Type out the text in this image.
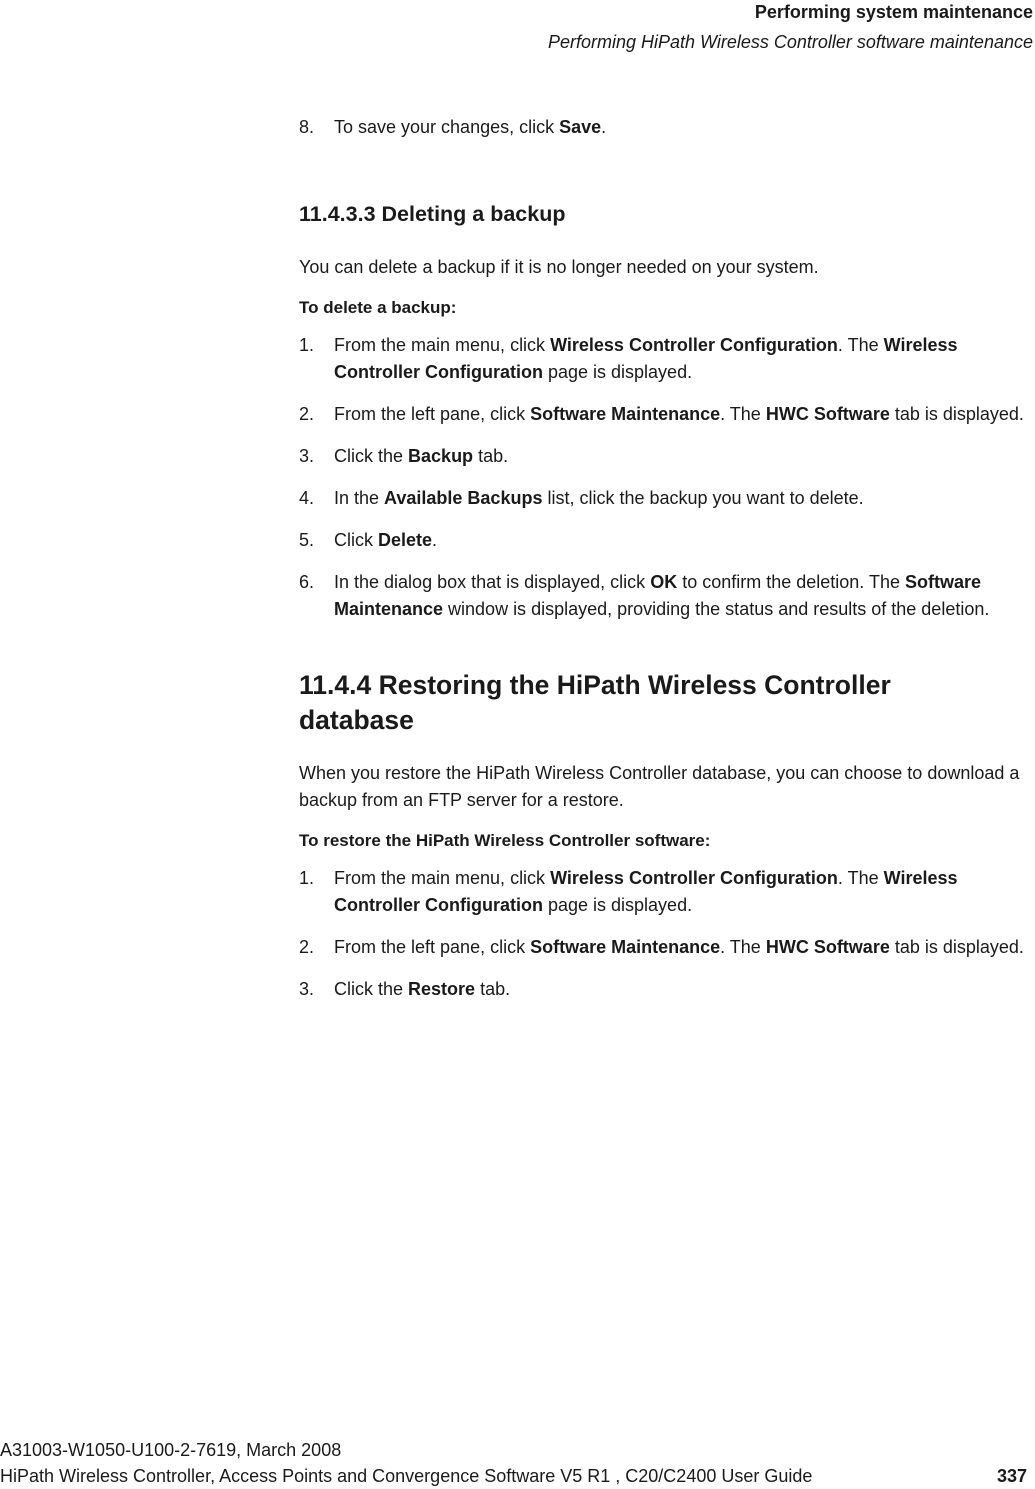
Performing system maintenance
Performing HiPath Wireless Controller software maintenance
8.	To save your changes, click Save.
11.4.3.3 Deleting a backup
You can delete a backup if it is no longer needed on your system.
To delete a backup:
1.	From the main menu, click Wireless Controller Configuration. The Wireless Controller Configuration page is displayed.
2.	From the left pane, click Software Maintenance. The HWC Software tab is displayed.
3.	Click the Backup tab.
4.	In the Available Backups list, click the backup you want to delete.
5.	Click Delete.
6.	In the dialog box that is displayed, click OK to confirm the deletion. The Software Maintenance window is displayed, providing the status and results of the deletion.
11.4.4 Restoring the HiPath Wireless Controller database
When you restore the HiPath Wireless Controller database, you can choose to download a backup from an FTP server for a restore.
To restore the HiPath Wireless Controller software:
1.	From the main menu, click Wireless Controller Configuration. The Wireless Controller Configuration page is displayed.
2.	From the left pane, click Software Maintenance. The HWC Software tab is displayed.
3.	Click the Restore tab.
A31003-W1050-U100-2-7619, March 2008
HiPath Wireless Controller, Access Points and Convergence Software V5 R1 , C20/C2400 User Guide	337
